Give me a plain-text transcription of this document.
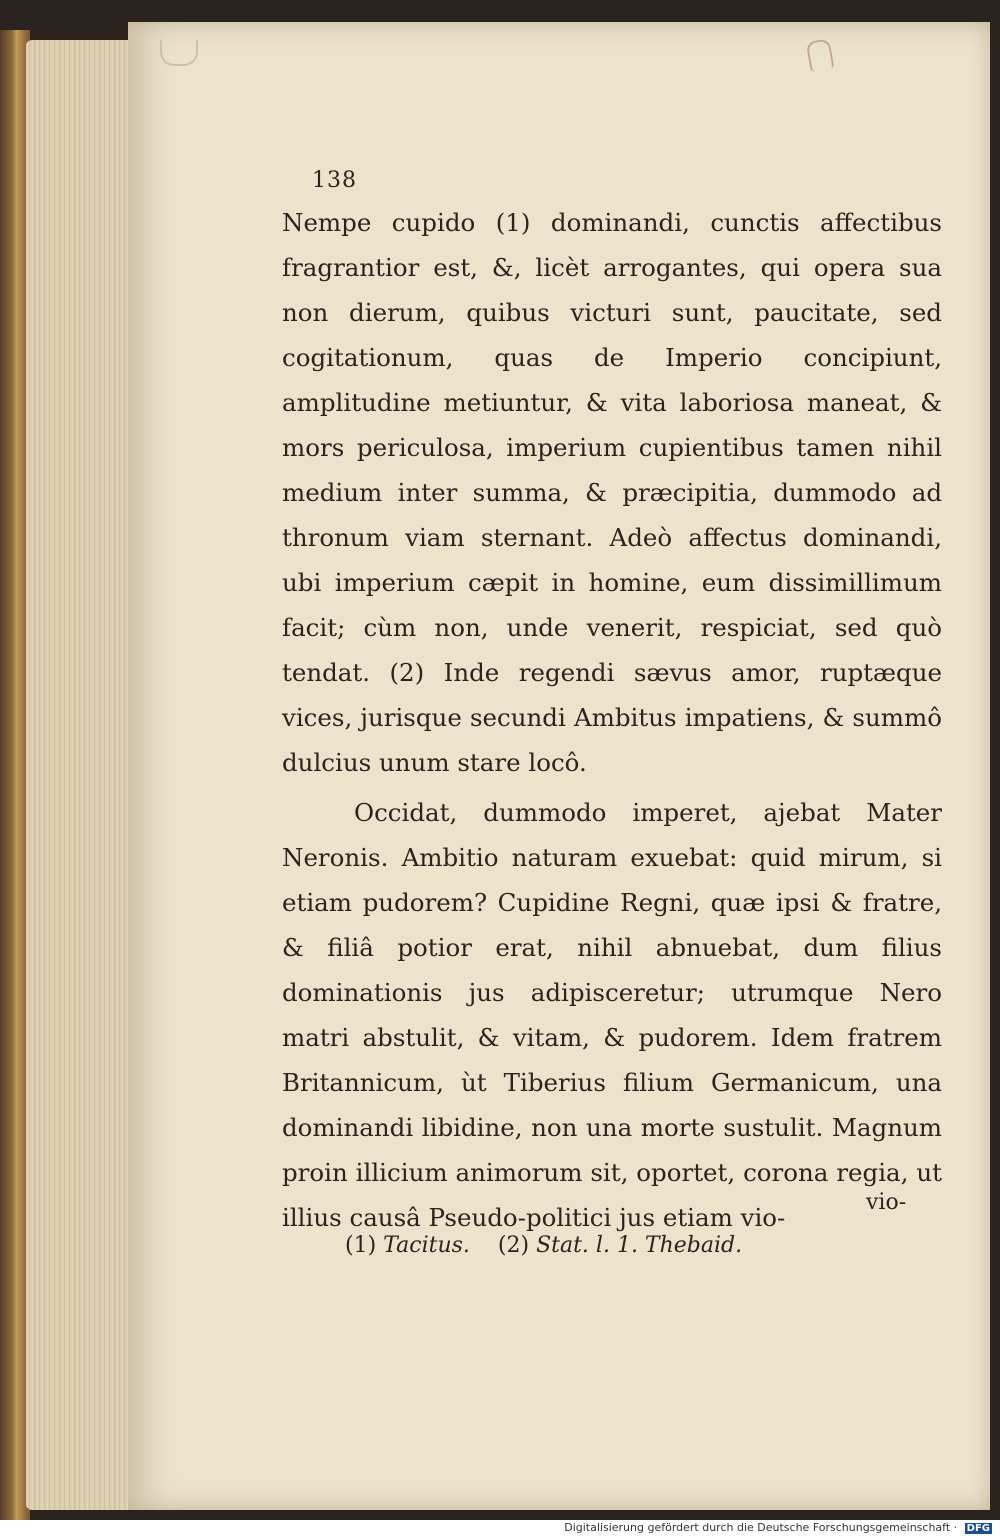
138

Nempe cupido (1) dominandi, cunctis affectibus fragrantior est, &, licèt arrogantes, qui opera sua non dierum, quibus victuri sunt, paucitate, sed cogitationum, quas de Imperio concipiunt, amplitudine metiuntur, & vita laboriosa maneat, & mors periculosa, imperium cupientibus tamen nihil medium inter summa, & præcipitia, dummodo ad thronum viam sternant. Adeò affectus dominandi, ubi imperium cæpit in homine, eum dissimillimum facit; cùm non, unde venerit, respiciat, sed quò tendat. (2) Inde regendi sævus amor, ruptæque vices, jurisque secundi Ambitus impatiens, & summô dulcius unum stare locô.

Occidat, dummodo imperet, ajebat Mater Neronis. Ambitio naturam exuebat: quid mirum, si etiam pudorem? Cupidine Regni, quæ ipsi & fratre, & filiâ potior erat, nihil abnuebat, dum filius dominationis jus adipisceretur; utrumque Nero matri abstulit, & vitam, & pudorem. Idem fratrem Britannicum, ùt Tiberius filium Germanicum, una dominandi libidine, non una morte sustulit. Magnum proin illicium animorum sit, oportet, corona regia, ut illius causâ Pseudo-politici jus etiam vio-

vio-
(1) Tacitus. (2) Stat. l. 1. Thebaid.
Digitalisierung gefördert durch die Deutsche Forschungsgemeinschaft · DFG
